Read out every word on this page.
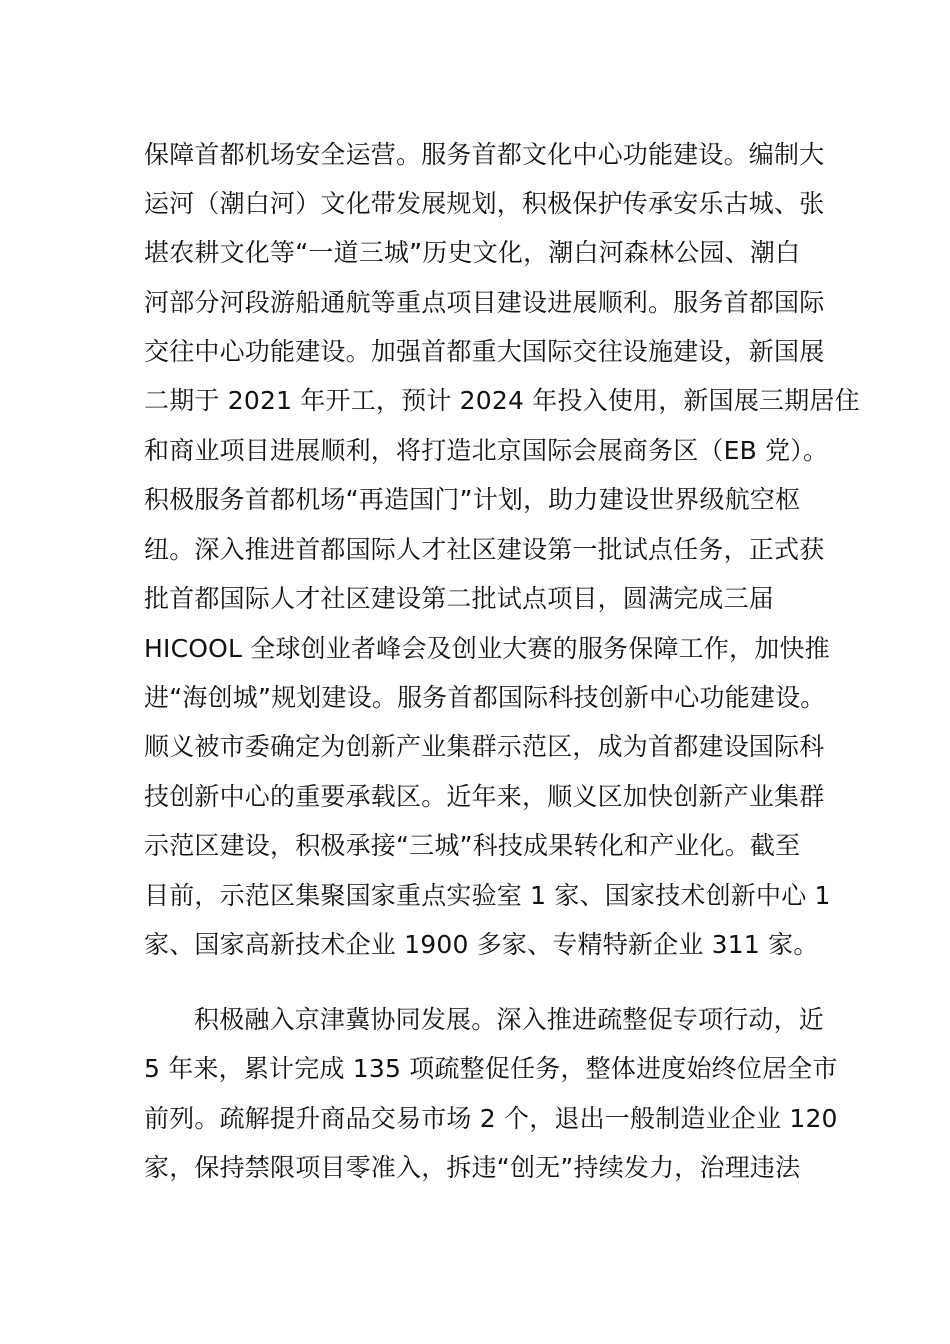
保障首都机场安全运营。服务首都文化中心功能建设。编制大
运河（潮白河）文化带发展规划，积极保护传承安乐古城、张
堪农耕文化等“一道三城”历史文化，潮白河森林公园、潮白
河部分河段游船通航等重点项目建设进展顺利。服务首都国际
交往中心功能建设。加强首都重大国际交往设施建设，新国展
二期于 2021 年开工，预计 2024 年投入使用，新国展三期居住
和商业项目进展顺利，将打造北京国际会展商务区（EB 党）。
积极服务首都机场“再造国门”计划，助力建设世界级航空枢
纽。深入推进首都国际人才社区建设第一批试点任务，正式获
批首都国际人才社区建设第二批试点项目，圆满完成三届
HICOOL 全球创业者峰会及创业大赛的服务保障工作，加快推
进“海创城”规划建设。服务首都国际科技创新中心功能建设。
顺义被市委确定为创新产业集群示范区，成为首都建设国际科
技创新中心的重要承载区。近年来，顺义区加快创新产业集群
示范区建设，积极承接“三城”科技成果转化和产业化。截至
目前，示范区集聚国家重点实验室 1 家、国家技术创新中心 1
家、国家高新技术企业 1900 多家、专精特新企业 311 家。
积极融入京津冀协同发展。深入推进疏整促专项行动，近
5 年来，累计完成 135 项疏整促任务，整体进度始终位居全市
前列。疏解提升商品交易市场 2 个，退出一般制造业企业 120
家，保持禁限项目零准入，拆违“创无”持续发力，治理违法
